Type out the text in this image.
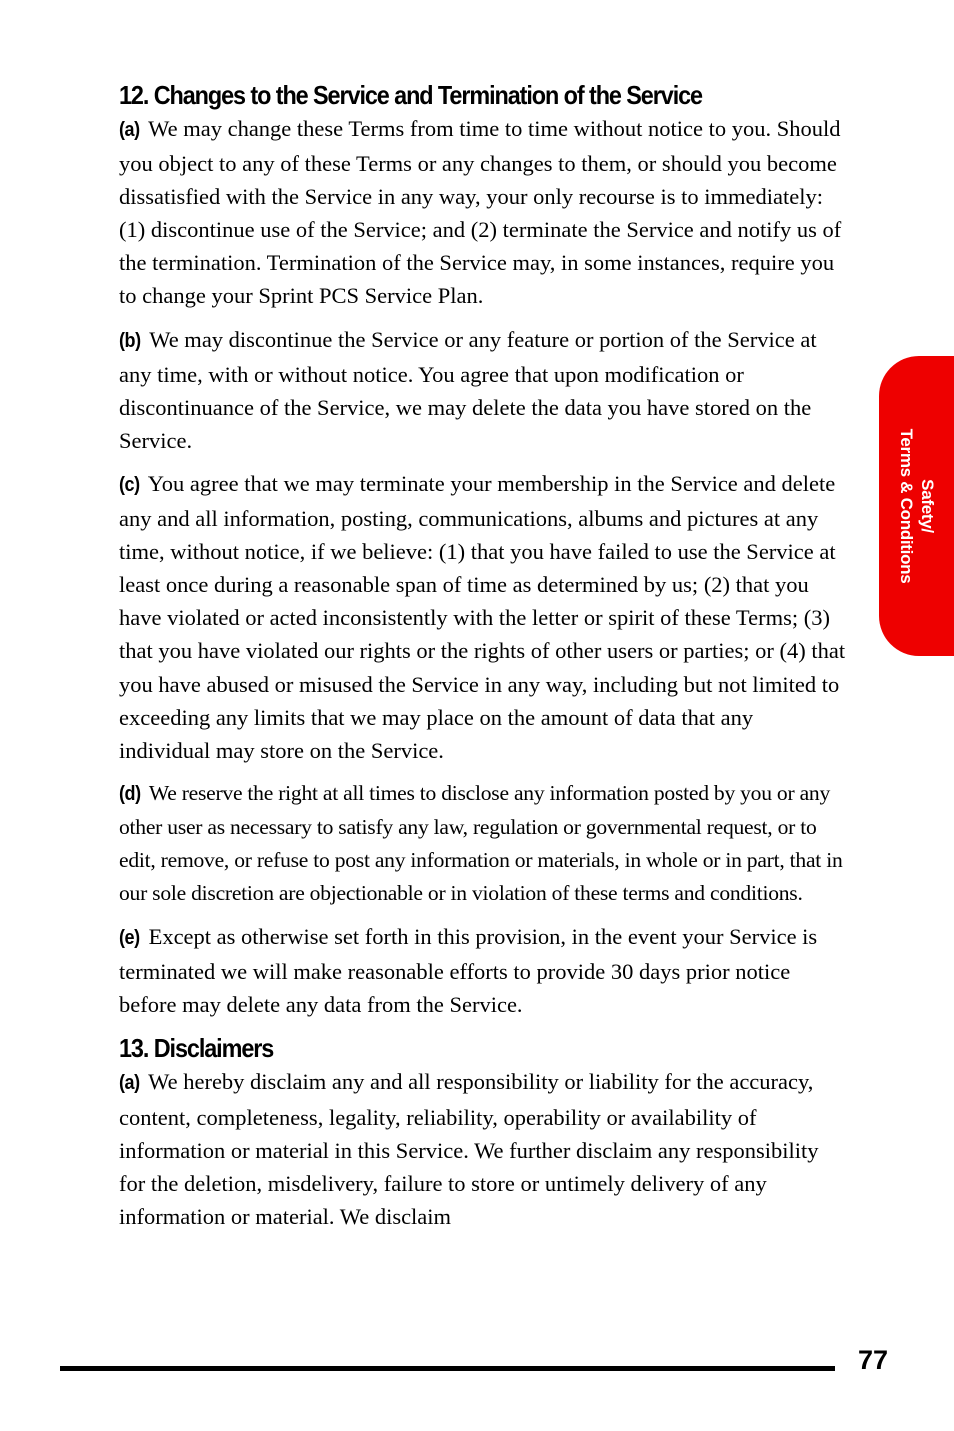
12. Changes to the Service and Termination of the Service

(a) We may change these Terms from time to time without notice to you. Should you object to any of these Terms or any changes to them, or should you become dissatisfied with the Service in any way, your only recourse is to immediately: (1) discontinue use of the Service; and (2) terminate the Service and notify us of the termination. Termination of the Service may, in some instances, require you to change your Sprint PCS Service Plan.

(b) We may discontinue the Service or any feature or portion of the Service at any time, with or without notice. You agree that upon modification or discontinuance of the Service, we may delete the data you have stored on the Service.

(c) You agree that we may terminate your membership in the Service and delete any and all information, posting, communications, albums and pictures at any time, without notice, if we believe: (1) that you have failed to use the Service at least once during a reasonable span of time as determined by us; (2) that you have violated or acted inconsistently with the letter or spirit of these Terms; (3) that you have violated our rights or the rights of other users or parties; or (4) that you have abused or misused the Service in any way, including but not limited to exceeding any limits that we may place on the amount of data that any individual may store on the Service.

(d) We reserve the right at all times to disclose any information posted by you or any other user as necessary to satisfy any law, regulation or governmental request, or to edit, remove, or refuse to post any information or materials, in whole or in part, that in our sole discretion are objectionable or in violation of these terms and conditions.

(e) Except as otherwise set forth in this provision, in the event your Service is terminated we will make reasonable efforts to provide 30 days prior notice before may delete any data from the Service.

13. Disclaimers

(a) We hereby disclaim any and all responsibility or liability for the accuracy, content, completeness, legality, reliability, operability or availability of information or material in this Service. We further disclaim any responsibility for the deletion, misdelivery, failure to store or untimely delivery of any information or material. We disclaim

Safety/
Terms & Conditions
77
